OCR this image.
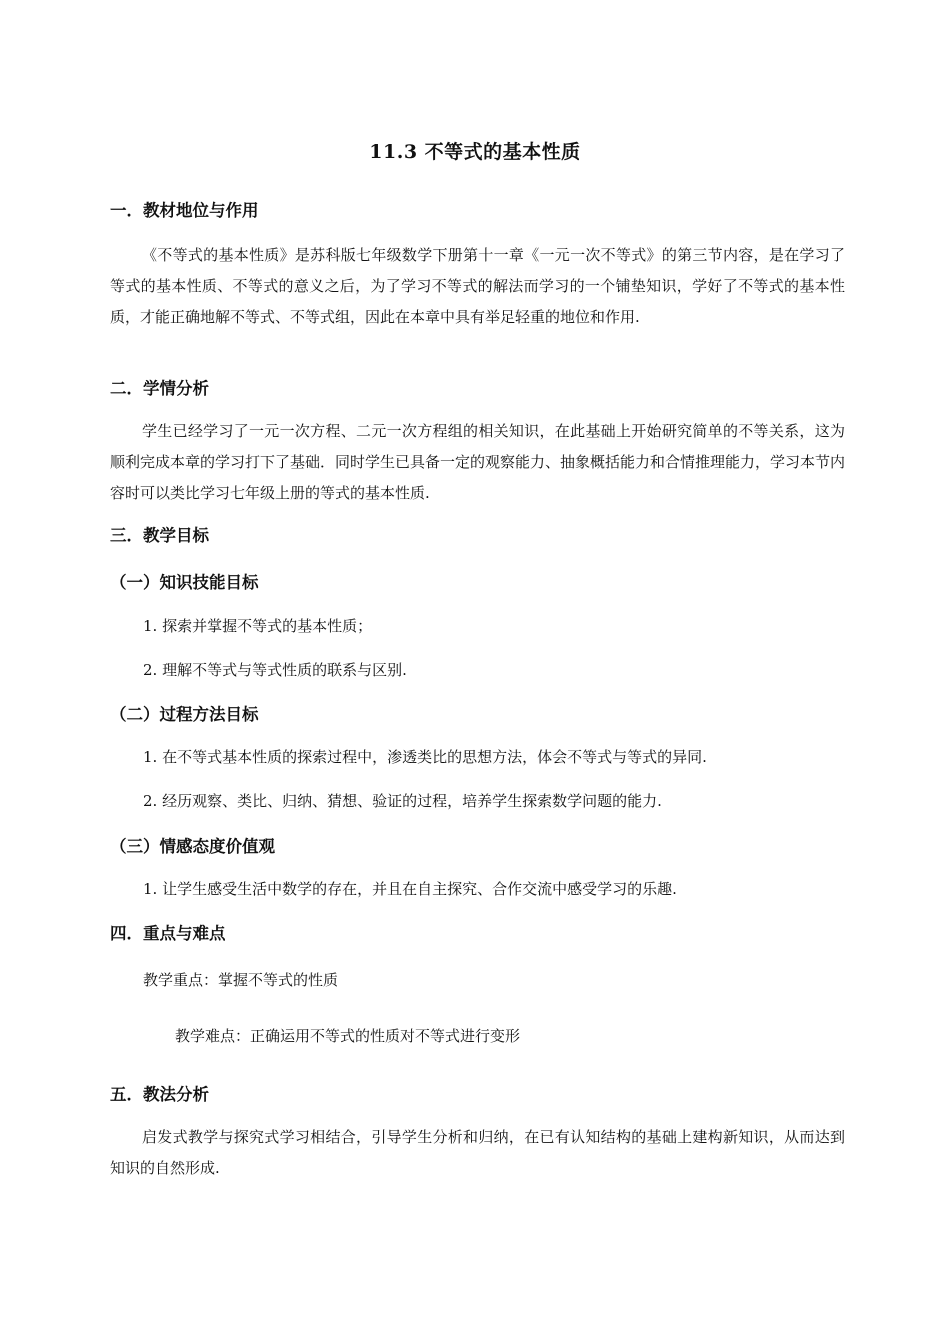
11.3 不等式的基本性质
一．教材地位与作用

《不等式的基本性质》是苏科版七年级数学下册第十一章《一元一次不等式》的第三节内容，是在学习了等式的基本性质、不等式的意义之后，为了学习不等式的解法而学习的一个铺垫知识，学好了不等式的基本性质，才能正确地解不等式、不等式组，因此在本章中具有举足轻重的地位和作用.

二．学情分析

学生已经学习了一元一次方程、二元一次方程组的相关知识，在此基础上开始研究简单的不等关系，这为顺利完成本章的学习打下了基础．同时学生已具备一定的观察能力、抽象概括能力和合情推理能力，学习本节内容时可以类比学习七年级上册的等式的基本性质.

三．教学目标
（一）知识技能目标
1. 探索并掌握不等式的基本性质；
2. 理解不等式与等式性质的联系与区别.
（二）过程方法目标
1. 在不等式基本性质的探索过程中，渗透类比的思想方法，体会不等式与等式的异同.
2. 经历观察、类比、归纳、猜想、验证的过程，培养学生探索数学问题的能力.
（三）情感态度价值观
1. 让学生感受生活中数学的存在，并且在自主探究、合作交流中感受学习的乐趣.
四．重点与难点
教学重点：掌握不等式的性质
教学难点：正确运用不等式的性质对不等式进行变形
五．教法分析

启发式教学与探究式学习相结合，引导学生分析和归纳，在已有认知结构的基础上建构新知识，从而达到知识的自然形成.
